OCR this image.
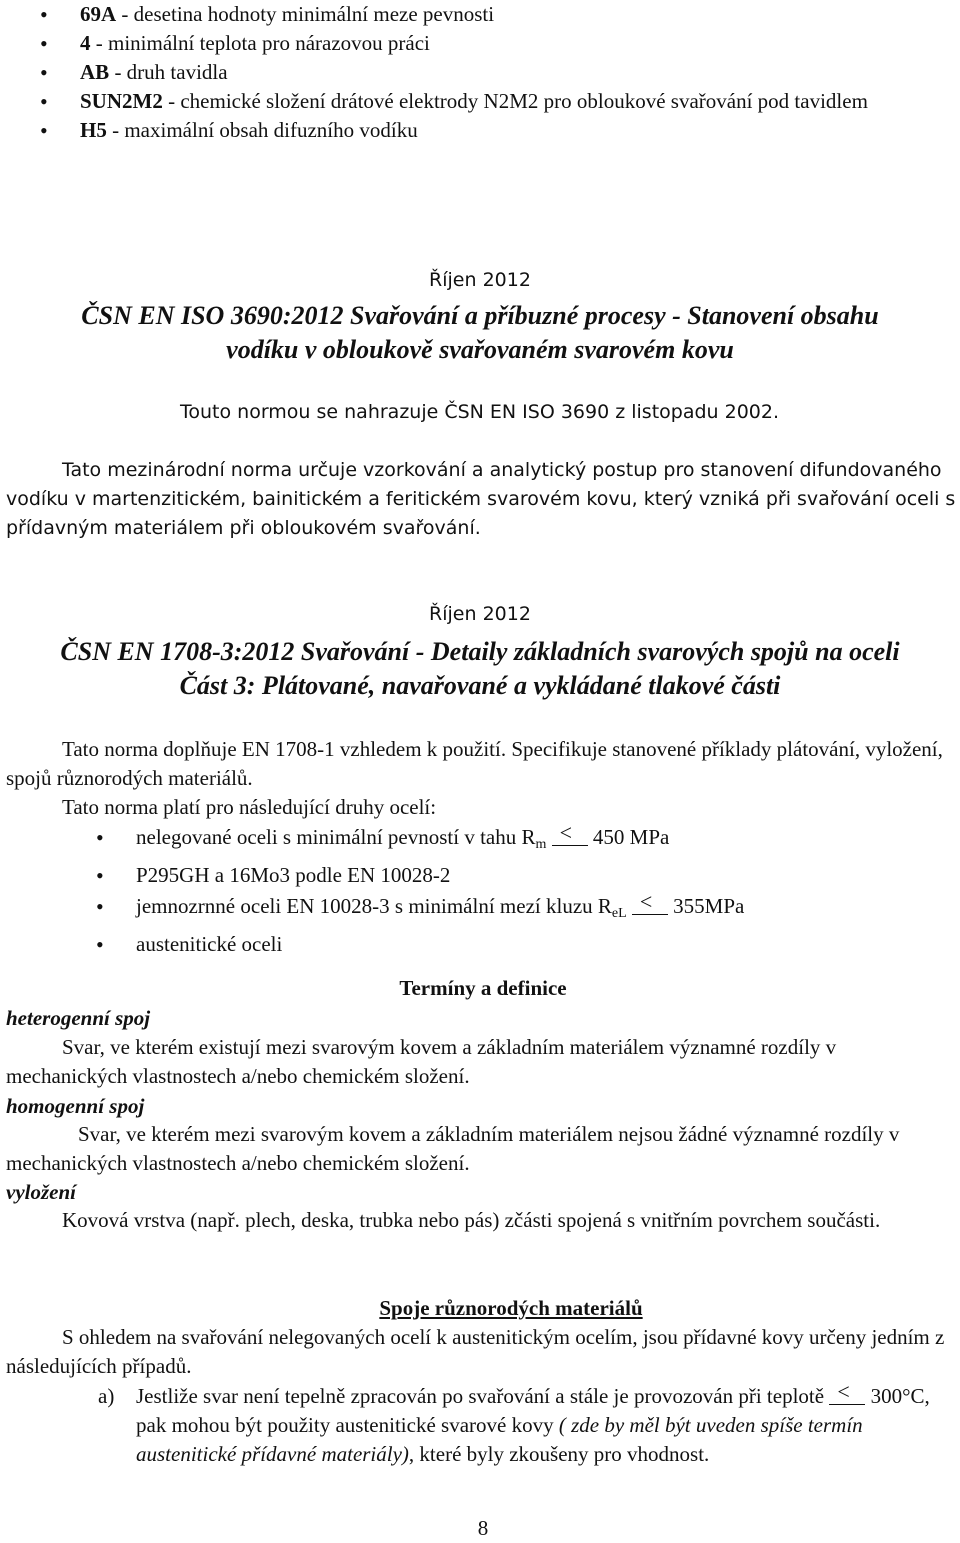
• 69A - desetina hodnoty minimální meze pevnosti
• 4 - minimální teplota pro nárazovou práci
• AB - druh tavidla
• SUN2M2 - chemické složení drátové elektrody N2M2 pro obloukové svařování pod tavidlem
• H5 - maximální obsah difuzního vodíku
Říjen 2012
ČSN EN ISO 3690:2012 Svařování a příbuzné procesy - Stanovení obsahu
vodíku v obloukově svařovaném svarovém kovu
Touto normou se nahrazuje ČSN EN ISO 3690 z listopadu 2002.

Tato mezinárodní norma určuje vzorkování a analytický postup pro stanovení difundovaného vodíku v martenzitickém, bainitickém a feritickém svarovém kovu, který vzniká při svařování oceli s přídavným materiálem při obloukovém svařování.

Říjen 2012
ČSN EN 1708-3:2012 Svařování - Detaily základních svarových spojů na oceli
Část 3: Plátované, navařované a vykládané tlakové části

Tato norma doplňuje EN 1708-1 vzhledem k použití. Specifikuje stanovené příklady plátování, vyložení, spojů různorodých materiálů.

Tato norma platí pro následující druhy ocelí:

• nelegované oceli s minimální pevností v tahu $R_m < 450$ MPa
• P295GH a 16Mo3 podle EN 10028-2
• jemnozrnné oceli EN 10028-3 s minimální mezí kluzu $R_{eL} < 355MPa$
• austenitické oceli
Termíny a definice
heterogenní spoj

Svar, ve kterém existují mezi svarovým kovem a základním materiálem významné rozdíly v mechanických vlastnostech a/nebo chemickém složení.

homogenní spoj

Svar, ve kterém mezi svarovým kovem a základním materiálem nejsou žádné významné rozdíly v mechanických vlastnostech a/nebo chemickém složení.

vyložení

Kovová vrstva (např. plech, deska, trubka nebo pás) zčásti spojená s vnitřním povrchem součásti.

Spoje různorodých materiálů

S ohledem na svařování nelegovaných ocelí k austenitickým ocelím, jsou přídavné kovy určeny jedním z následujících případů.

a) Jestliže svar není tepelně zpracován po svařování a stále je provozován při teplotě < 300°C, pak mohou být použity austenitické svarové kovy ( zde by měl být uveden spíše termín austenitické přídavné materiály), které byly zkoušeny pro vhodnost.

8
